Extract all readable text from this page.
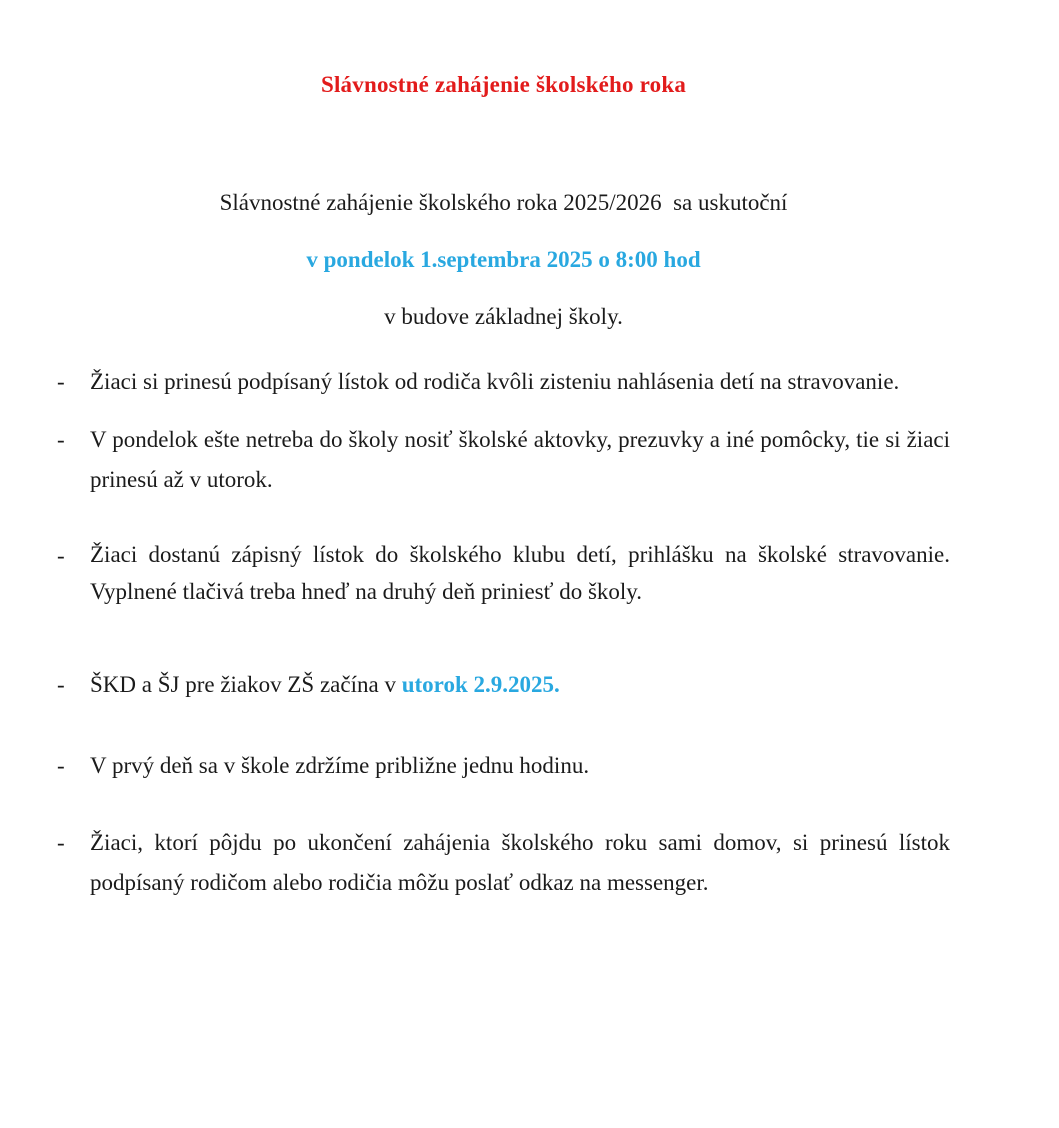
Slávnostné zahájenie školského roka

Slávnostné zahájenie školského roka 2025/2026  sa uskutoční

v pondelok 1.septembra 2025 o 8:00 hod

v budove základnej školy.

-	Žiaci si prinesú podpísaný lístok od rodiča kvôli zisteniu nahlásenia detí na stravovanie.
-	V pondelok ešte netreba do školy nosiť školské aktovky, prezuvky a iné pomôcky, tie si žiaci prinesú až v utorok.
-	Žiaci dostanú zápisný lístok do školského klubu detí, prihlášku na školské stravovanie. Vyplnené tlačivá treba hneď na druhý deň priniesť do školy.
-	ŠKD a ŠJ pre žiakov ZŠ začína v utorok 2.9.2025.
-	V prvý deň sa v škole zdržíme približne jednu hodinu.
-	Žiaci, ktorí pôjdu po ukončení zahájenia školského roku sami domov, si prinesú lístok podpísaný rodičom alebo rodičia môžu poslať odkaz na messenger.
